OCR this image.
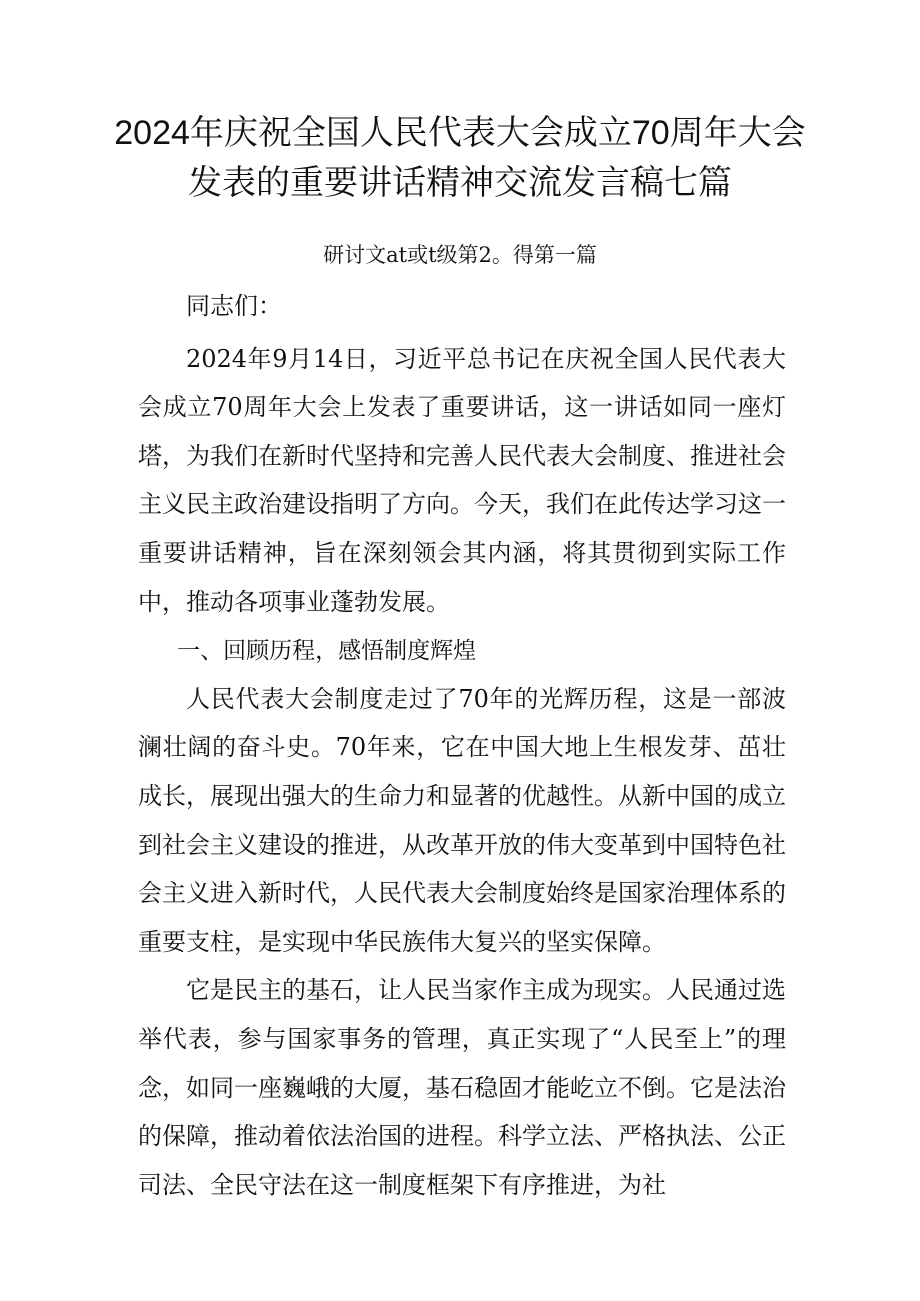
2024年庆祝全国人民代表大会成立70周年大会发表的重要讲话精神交流发言稿七篇
研讨文at或t级第2。得第一篇

同志们：

2024年9月14日，习近平总书记在庆祝全国人民代表大会成立70周年大会上发表了重要讲话，这一讲话如同一座灯塔，为我们在新时代坚持和完善人民代表大会制度、推进社会主义民主政治建设指明了方向。今天，我们在此传达学习这一重要讲话精神，旨在深刻领会其内涵，将其贯彻到实际工作中，推动各项事业蓬勃发展。

一、回顾历程，感悟制度辉煌

人民代表大会制度走过了70年的光辉历程，这是一部波澜壮阔的奋斗史。70年来，它在中国大地上生根发芽、茁壮成长，展现出强大的生命力和显著的优越性。从新中国的成立到社会主义建设的推进，从改革开放的伟大变革到中国特色社会主义进入新时代，人民代表大会制度始终是国家治理体系的重要支柱，是实现中华民族伟大复兴的坚实保障。

它是民主的基石，让人民当家作主成为现实。人民通过选举代表，参与国家事务的管理，真正实现了“人民至上”的理念，如同一座巍峨的大厦，基石稳固才能屹立不倒。它是法治的保障，推动着依法治国的进程。科学立法、严格执法、公正司法、全民守法在这一制度框架下有序推进，为社
